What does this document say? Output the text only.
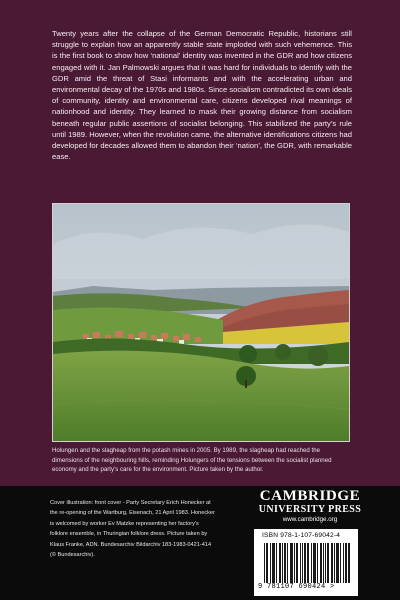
Twenty years after the collapse of the German Democratic Republic, historians still struggle to explain how an apparently stable state imploded with such vehemence. This is the first book to show how ‘national’ identity was invented in the GDR and how citizens engaged with it. Jan Palmowski argues that it was hard for individuals to identify with the GDR amid the threat of Stasi informants and with the accelerating urban and environmental decay of the 1970s and 1980s. Since socialism contradicted its own ideals of community, identity and environmental care, citizens developed rival meanings of nationhood and identity. They learned to mask their growing distance from socialism beneath regular public assertions of socialist belonging. This stabilized the party’s rule until 1989. However, when the revolution came, the alternative identifications citizens had developed for decades allowed them to abandon their ‘nation’, the GDR, with remarkable ease.
Holungen and the slagheap from the potash mines in 2005. By 1989, the slagheap had reached the dimensions of the neighbouring hills, reminding Holungers of the tensions between the socialist planned economy and the party’s care for the environment. Picture taken by the author.
Cover illustration: front cover - Party Secretary Erich Honecker at the re-opening of the Wartburg, Eisenach, 21 April 1983. Honecker is welcomed by worker Ev Matzke representing her factory’s folklore ensemble, in Thuringian folklore dress. Picture taken by Klaus Franke, ADN. Bundesarchiv Bildarchiv 183-1983-0421-414 (© Bundesarchiv).
CAMBRIDGE
UNIVERSITY PRESS
www.cambridge.org
ISBN 978-1-107-69042-4
9 781107 690424 >
